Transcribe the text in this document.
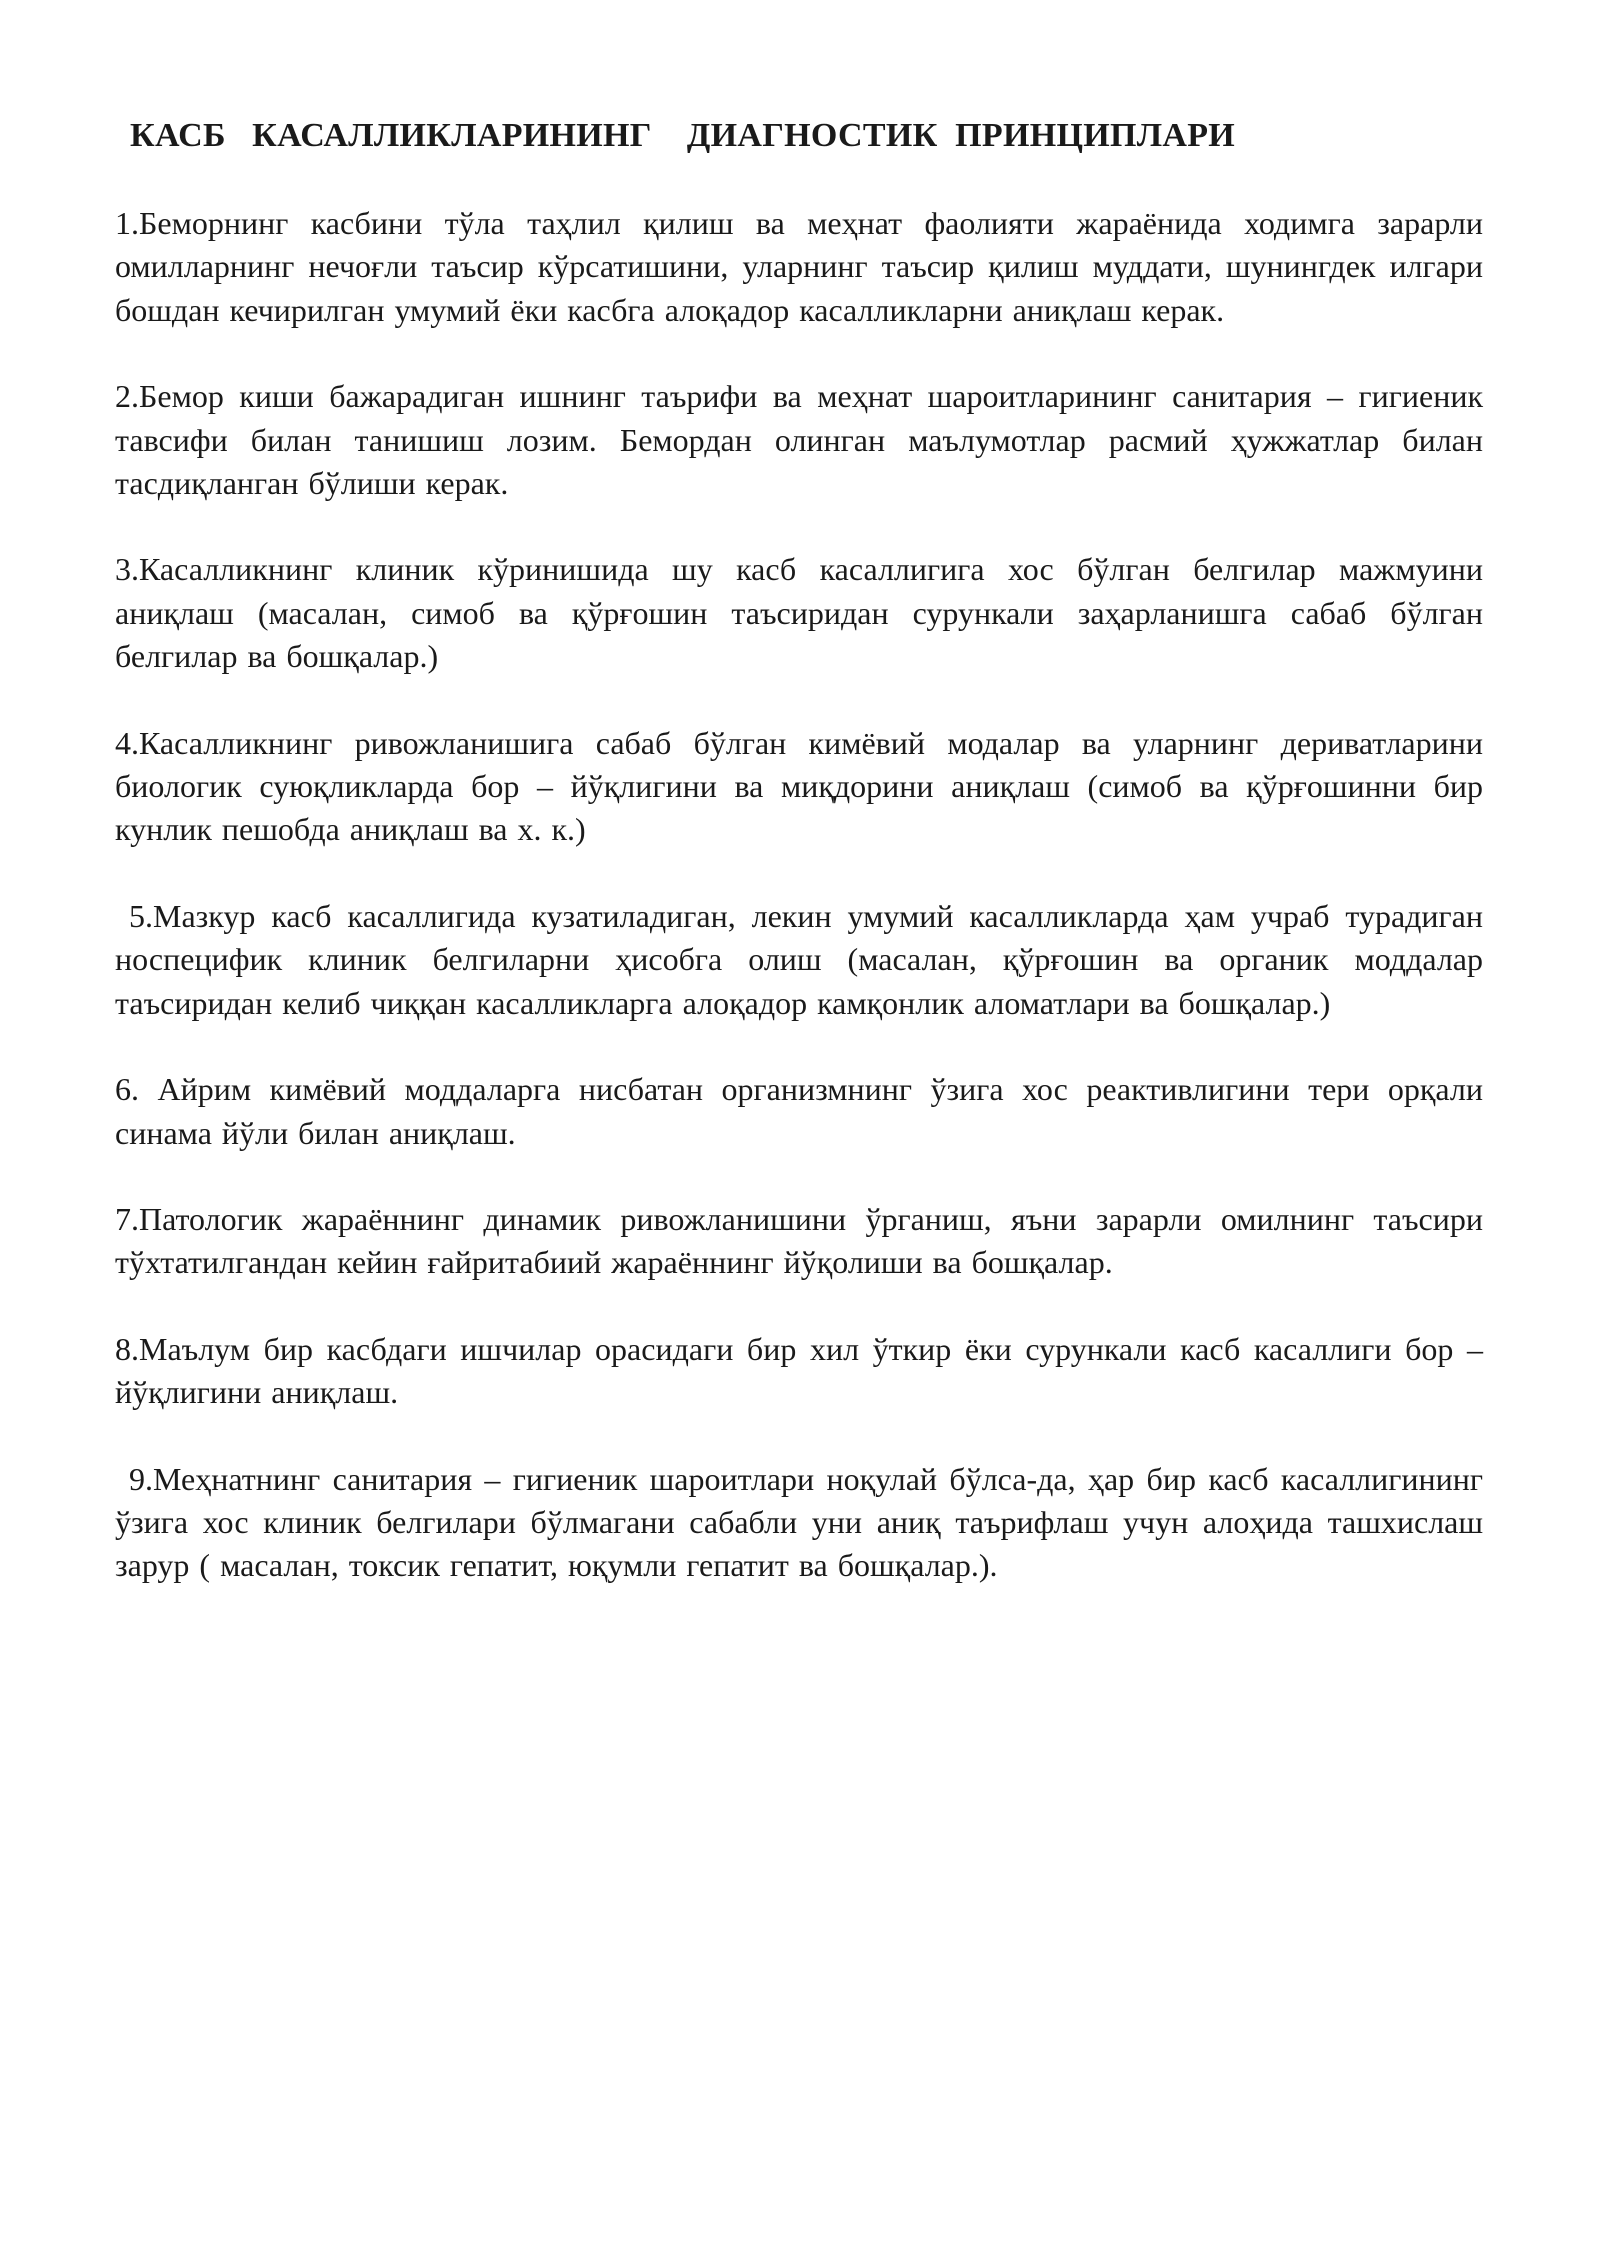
КАСБ   КАСАЛЛИКЛАРИНИНГ    ДИАГНОСТИК  ПРИНЦИПЛАРИ

1.Беморнинг касбини тўла таҳлил қилиш ва меҳнат фаолияти жараёнида ходимга зарарли омилларнинг нечоғли таъсир кўрсатишини, уларнинг таъсир қилиш муддати, шунингдек илгари бошдан кечирилган умумий ёки касбга алоқадор касалликларни аниқлаш керак.

2.Бемор киши бажарадиган ишнинг таърифи ва меҳнат шароитларининг санитария – гигиеник тавсифи билан танишиш лозим. Бемордан олинган маълумотлар расмий ҳужжатлар билан тасдиқланган бўлиши керак.

3.Касалликнинг клиник кўринишида шу касб касаллигига хос бўлган белгилар мажмуини аниқлаш (масалан, симоб ва қўрғошин таъсиридан сурункали заҳарланишга сабаб бўлган белгилар ва бошқалар.)

4.Касалликнинг ривожланишига сабаб бўлган кимёвий модалар ва уларнинг дериватларини биологик суюқликларда бор – йўқлигини ва миқдорини аниқлаш (симоб ва қўрғошинни бир кунлик пешобда аниқлаш ва х. к.)

5.Мазкур касб касаллигида кузатиладиган, лекин умумий касалликларда ҳам учраб турадиган носпецифик клиник белгиларни ҳисобга олиш (масалан, қўрғошин ва органик моддалар таъсиридан келиб чиққан касалликларга алоқадор камқонлик аломатлари ва бошқалар.)

6. Айрим кимёвий моддаларга нисбатан организмнинг ўзига хос реактивлигини тери орқали синама йўли билан аниқлаш.

7.Патологик жараённинг динамик ривожланишини ўрганиш, яъни зарарли омилнинг таъсири тўхтатилгандан кейин ғайритабиий жараённинг йўқолиши ва бошқалар.

8.Маълум бир касбдаги ишчилар орасидаги бир хил ўткир ёки сурункали касб касаллиги бор – йўқлигини аниқлаш.

9.Меҳнатнинг санитария – гигиеник шароитлари ноқулай бўлса-да, ҳар бир касб касаллигининг ўзига хос клиник белгилари бўлмагани сабабли уни аниқ таърифлаш учун алоҳида ташхислаш зарур ( масалан, токсик гепатит, юқумли гепатит ва бошқалар.).
